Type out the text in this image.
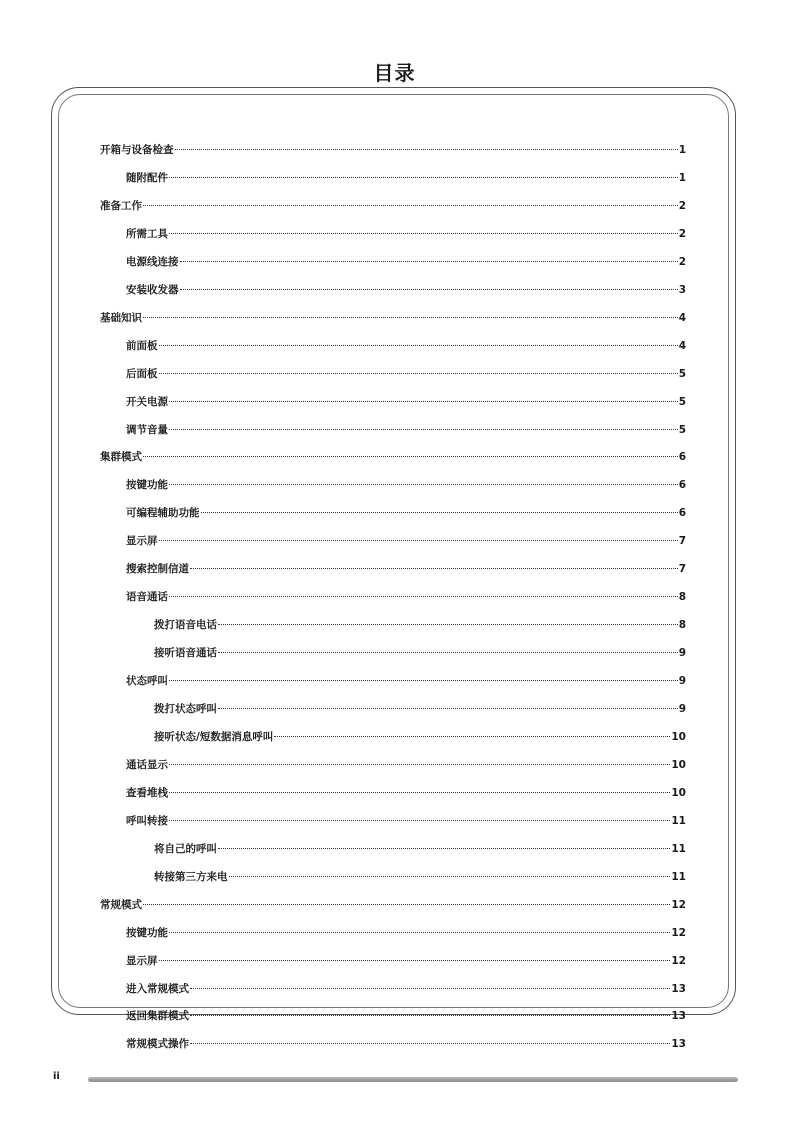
目录
开箱与设备检查	1
随附配件	1
准备工作	2
所需工具	2
电源线连接	2
安装收发器	3
基础知识	4
前面板	4
后面板	5
开关电源	5
调节音量	5
集群模式	6
按键功能	6
可编程辅助功能	6
显示屏	7
搜索控制信道	7
语音通话	8
拨打语音电话	8
接听语音通话	9
状态呼叫	9
拨打状态呼叫	9
接听状态/短数据消息呼叫	10
通话显示	10
查看堆栈	10
呼叫转接	11
将自己的呼叫	11
转接第三方来电	11
常规模式	12
按键功能	12
显示屏	12
进入常规模式	13
返回集群模式	13
常规模式操作	13
ii
